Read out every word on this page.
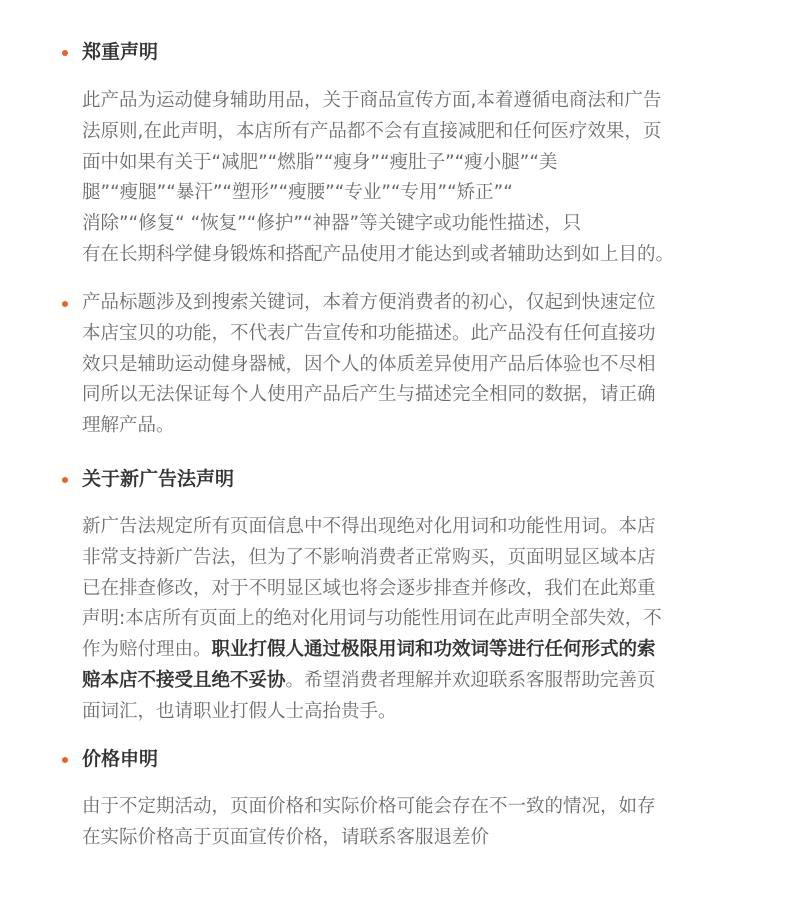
郑重声明
此产品为运动健身辅助用品，关于商品宣传方面,本着遵循电商法和广告
法原则,在此声明，本店所有产品都不会有直接减肥和任何医疗效果，页
面中如果有关于“减肥”“燃脂”“瘦身”“瘦肚子”“瘦小腿”“美
腿”“瘦腿”“暴汗”“塑形”“瘦腰”“专业”“专用”“矫正”“
消除”“修复“ “恢复”“修护”“神器”等关键字或功能性描述，只
有在长期科学健身锻炼和搭配产品使用才能达到或者辅助达到如上目的。
产品标题涉及到搜索关键词，本着方便消费者的初心，仅起到快速定位
本店宝贝的功能，不代表广告宣传和功能描述。此产品没有任何直接功
效只是辅助运动健身器械，因个人的体质差异使用产品后体验也不尽相
同所以无法保证每个人使用产品后产生与描述完全相同的数据，请正确
理解产品。
关于新广告法声明
新广告法规定所有页面信息中不得出现绝对化用词和功能性用词。本店
非常支持新广告法，但为了不影响消费者正常购买，页面明显区域本店
已在排查修改，对于不明显区域也将会逐步排查并修改，我们在此郑重
声明:本店所有页面上的绝对化用词与功能性用词在此声明全部失效，不
作为赔付理由。职业打假人通过极限用词和功效词等进行任何形式的索
赔本店不接受且绝不妥协。希望消费者理解并欢迎联系客服帮助完善页
面词汇，也请职业打假人士高抬贵手。
价格申明
由于不定期活动，页面价格和实际价格可能会存在不一致的情况，如存
在实际价格高于页面宣传价格，请联系客服退差价
